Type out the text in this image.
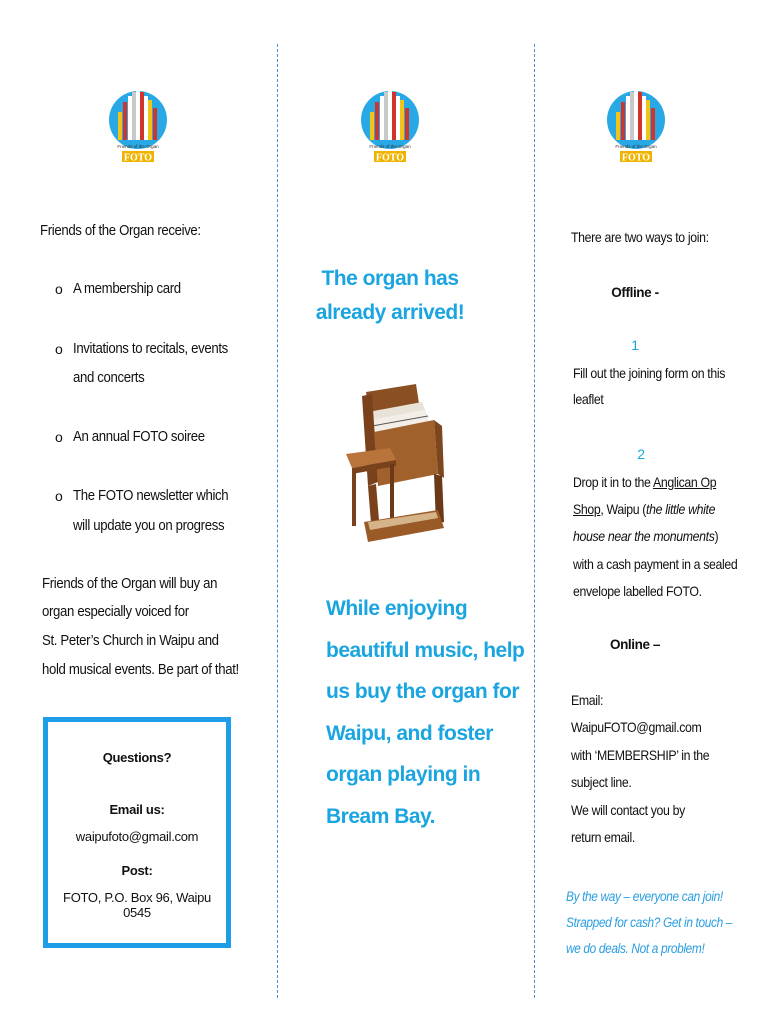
Friends of the Organ
FOTO
Friends of the Organ
FOTO
Friends of the Organ
FOTO
Friends of the Organ receive:
o A membership card
o Invitations to recitals, events
and concerts
o An annual FOTO soiree
o The FOTO newsletter which
will update you on progress
Friends of the Organ will buy an
organ especially voiced for
St. Peter’s Church in Waipu and
hold musical events. Be part of that!
Questions?
Email us:
waipufoto@gmail.com
Post:
FOTO, P.O. Box 96, Waipu 0545
The organ has
already arrived!
While enjoying
beautiful music, help
us buy the organ for
Waipu, and foster
organ playing in
Bream Bay.
There are two ways to join:
Offline -
1
Fill out the joining form on this
leaflet
2
Drop it in to the Anglican Op
Shop, Waipu (the little white
house near the monuments)
with a cash payment in a sealed
envelope labelled FOTO.
Online –
Email:
WaipuFOTO@gmail.com
with ‘MEMBERSHIP’ in the
subject line.
We will contact you by
return email.
By the way – everyone can join!
Strapped for cash? Get in touch –
we do deals. Not a problem!
